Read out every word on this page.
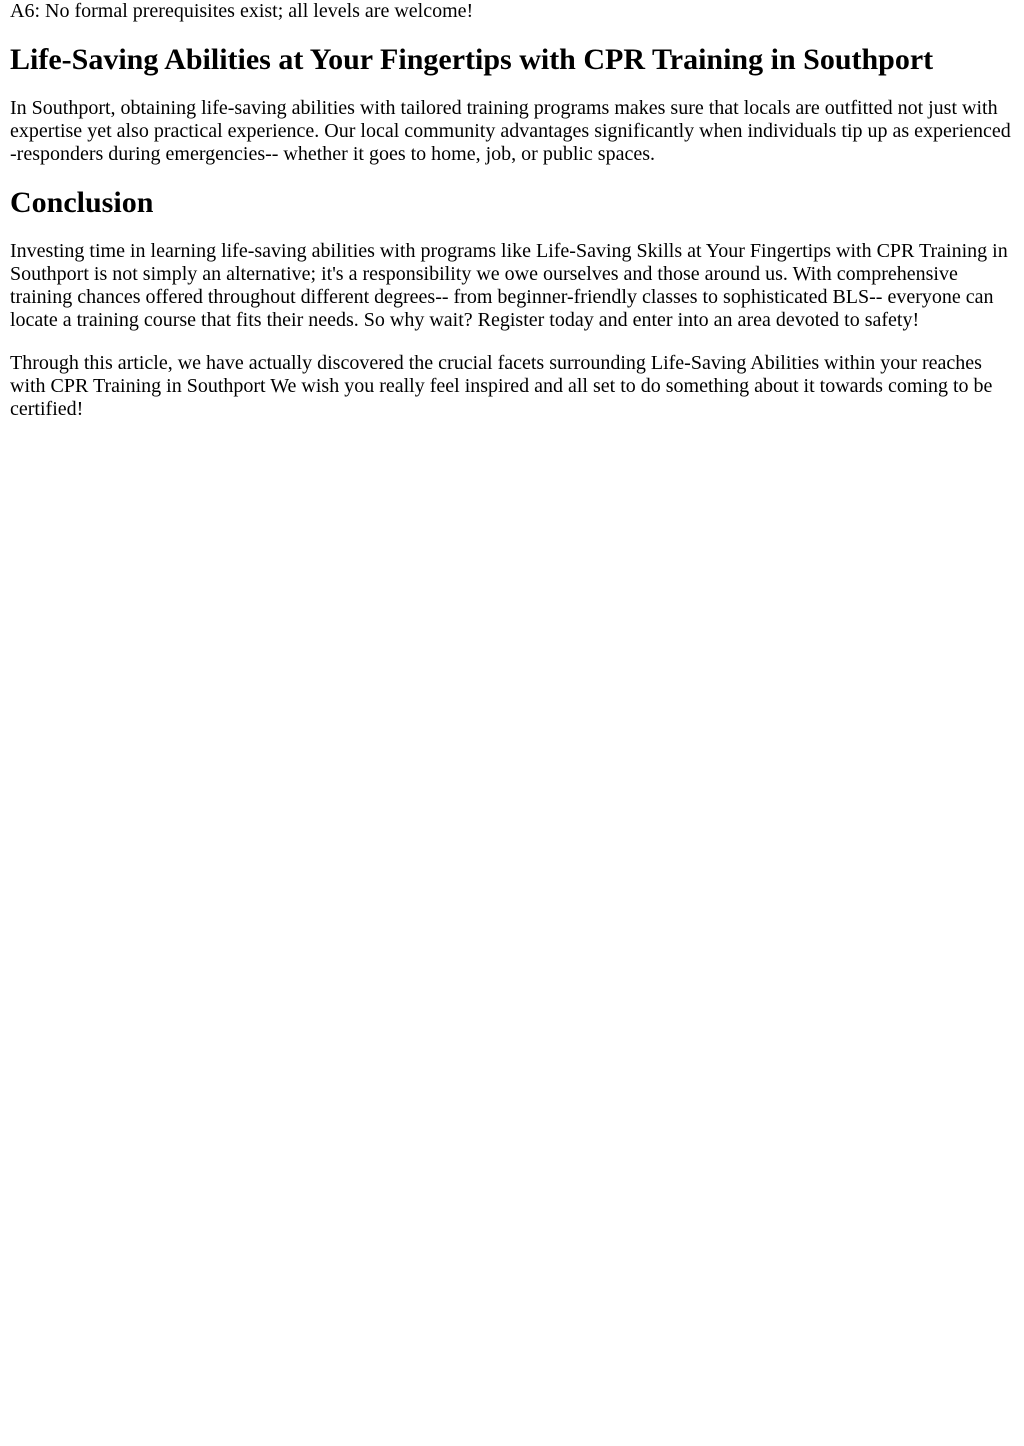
A6: No formal prerequisites exist; all levels are welcome!

Life-Saving Abilities at Your Fingertips with CPR Training in Southport

In Southport, obtaining life-saving abilities with tailored training programs makes sure that locals are outfitted not just with expertise yet also practical experience. Our local community advantages significantly when individuals tip up as experienced -responders during emergencies-- whether it goes to home, job, or public spaces.

Conclusion

Investing time in learning life-saving abilities with programs like Life-Saving Skills at Your Fingertips with CPR Training in Southport is not simply an alternative; it's a responsibility we owe ourselves and those around us. With comprehensive training chances offered throughout different degrees-- from beginner-friendly classes to sophisticated BLS-- everyone can locate a training course that fits their needs. So why wait? Register today and enter into an area devoted to safety!

Through this article, we have actually discovered the crucial facets surrounding Life-Saving Abilities within your reaches with CPR Training in Southport We wish you really feel inspired and all set to do something about it towards coming to be certified!
